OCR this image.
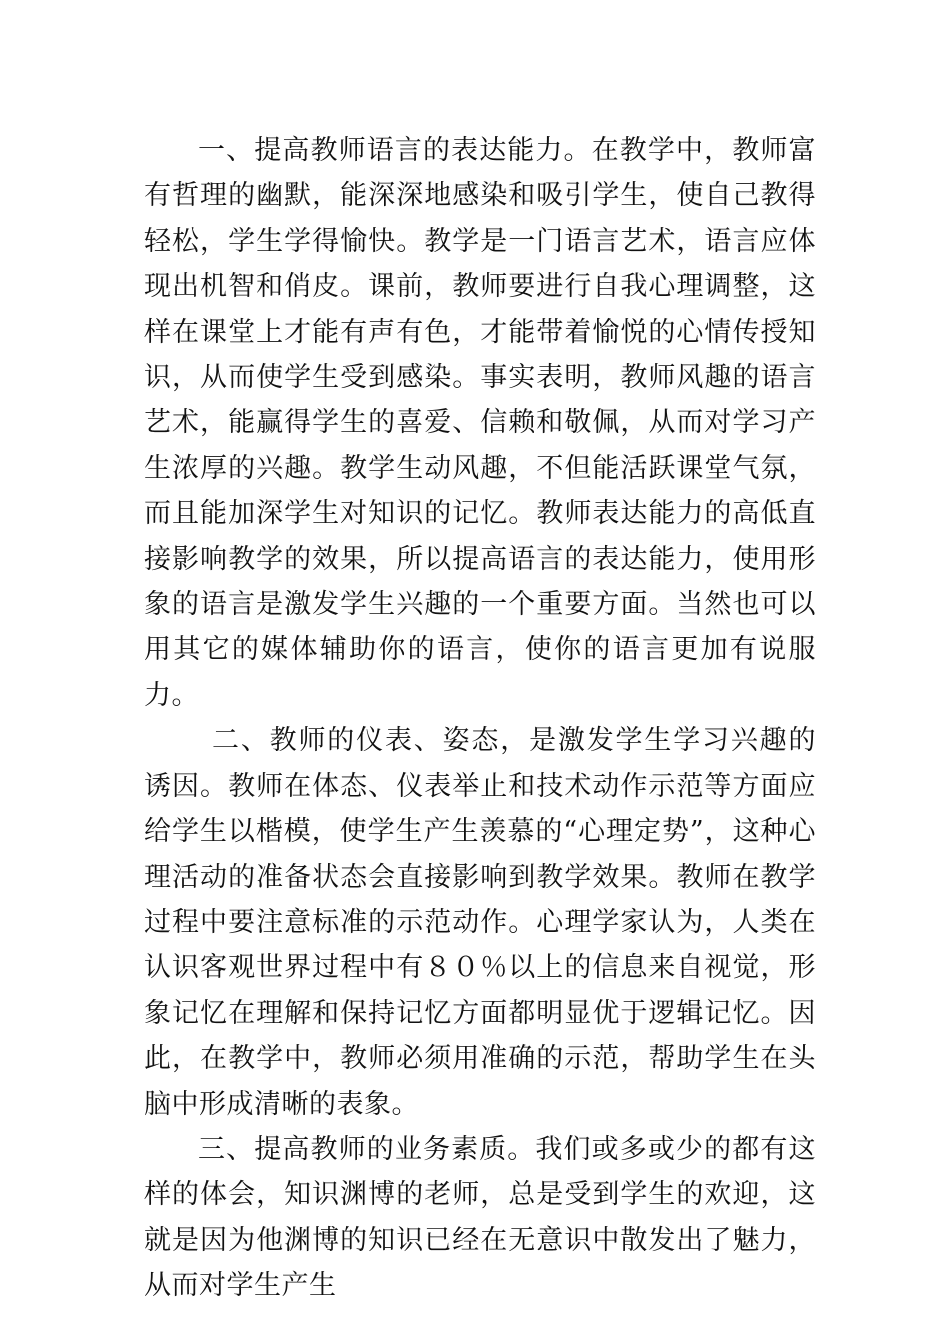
一、提高教师语言的表达能力。在教学中，教师富有哲理的幽默，能深深地感染和吸引学生，使自己教得轻松，学生学得愉快。教学是一门语言艺术，语言应体现出机智和俏皮。课前，教师要进行自我心理调整，这样在课堂上才能有声有色，才能带着愉悦的心情传授知识，从而使学生受到感染。事实表明，教师风趣的语言艺术，能赢得学生的喜爱、信赖和敬佩，从而对学习产生浓厚的兴趣。教学生动风趣，不但能活跃课堂气氛，而且能加深学生对知识的记忆。教师表达能力的高低直接影响教学的效果，所以提高语言的表达能力，使用形象的语言是激发学生兴趣的一个重要方面。当然也可以用其它的媒体辅助你的语言，使你的语言更加有说服力。

二、教师的仪表、姿态，是激发学生学习兴趣的诱因。教师在体态、仪表举止和技术动作示范等方面应给学生以楷模，使学生产生羡慕的“心理定势”，这种心理活动的准备状态会直接影响到教学效果。教师在教学过程中要注意标准的示范动作。心理学家认为，人类在认识客观世界过程中有８０％以上的信息来自视觉，形象记忆在理解和保持记忆方面都明显优于逻辑记忆。因此，在教学中，教师必须用准确的示范，帮助学生在头脑中形成清晰的表象。

三、提高教师的业务素质。我们或多或少的都有这样的体会，知识渊博的老师，总是受到学生的欢迎，这就是因为他渊博的知识已经在无意识中散发出了魅力，从而对学生产生
